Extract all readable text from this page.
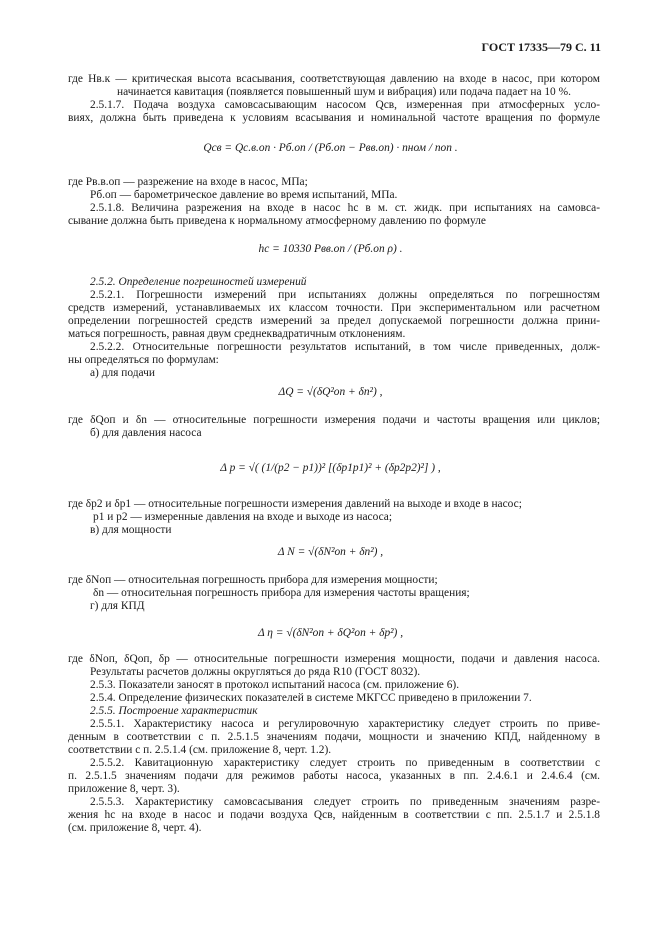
ГОСТ 17335—79 С. 11
где Hв.к — критическая высота всасывания, соответствующая давлению на входе в насос, при котором
начинается кавитация (появляется повышенный шум и вибрация) или подача падает на 10 %.
2.5.1.7. Подача воздуха самовсасывающим насосом Qсв, измеренная при атмосферных усло-
виях, должна быть приведена к условиям всасывания и номинальной частоте вращения по формуле
Qсв = Qс.в.оп · Pб.оп / (Pб.оп − Pвв.оп) · nном / nоп .
где Pв.в.оп — разрежение на входе в насос, МПа;
Pб.оп — барометрическое давление во время испытаний, МПа.
2.5.1.8. Величина разрежения на входе в насос hс в м. ст. жидк. при испытаниях на самовса-
сывание должна быть приведена к нормальному атмосферному давлению по формуле
hс = 10330 Pвв.оп / (Pб.оп ρ) .
2.5.2. Определение погрешностей измерений
2.5.2.1. Погрешности измерений при испытаниях должны определяться по погрешностям
средств измерений, устанавливаемых их классом точности. При экспериментальном или расчетном
определении погрешностей средств измерений за предел допускаемой погрешности должна прини-
маться погрешность, равная двум среднеквадратичным отклонениям.
2.5.2.2. Относительные погрешности результатов испытаний, в том числе приведенных, долж-
ны определяться по формулам:
а) для подачи
ΔQ = √(δQ²оп + δn²) ,
где δQоп и δn — относительные погрешности измерения подачи и частоты вращения или циклов;
б) для давления насоса
Δ p = √( (1/(p2 − p1))² [(δp1p1)² + (δp2p2)²] ) ,
где δp2 и δp1 — относительные погрешности измерения давлений на выходе и входе в насос;
p1 и p2 — измеренные давления на входе и выходе из насоса;
в) для мощности
Δ N = √(δN²оп + δn²) ,
где δNоп — относительная погрешность прибора для измерения мощности;
δn — относительная погрешность прибора для измерения частоты вращения;
г) для КПД
Δ η = √(δN²оп + δQ²оп + δp²) ,
где δNоп, δQоп, δp — относительные погрешности измерения мощности, подачи и давления насоса.
Результаты расчетов должны округляться до ряда R10 (ГОСТ 8032).
2.5.3. Показатели заносят в протокол испытаний насоса (см. приложение 6).
2.5.4. Определение физических показателей в системе МКГСС приведено в приложении 7.
2.5.5. Построение характеристик
2.5.5.1. Характеристику насоса и регулировочную характеристику следует строить по приве-
денным в соответствии с п. 2.5.1.5 значениям подачи, мощности и значению КПД, найденному в
соответствии с п. 2.5.1.4 (см. приложение 8, черт. 1.2).
2.5.5.2. Кавитационную характеристику следует строить по приведенным в соответствии с
п. 2.5.1.5 значениям подачи для режимов работы насоса, указанных в пп. 2.4.6.1 и 2.4.6.4 (см.
приложение 8, черт. 3).
2.5.5.3. Характеристику самовсасывания следует строить по приведенным значениям разре-
жения hс на входе в насос и подачи воздуха Qсв, найденным в соответствии с пп. 2.5.1.7 и 2.5.1.8
(см. приложение 8, черт. 4).
